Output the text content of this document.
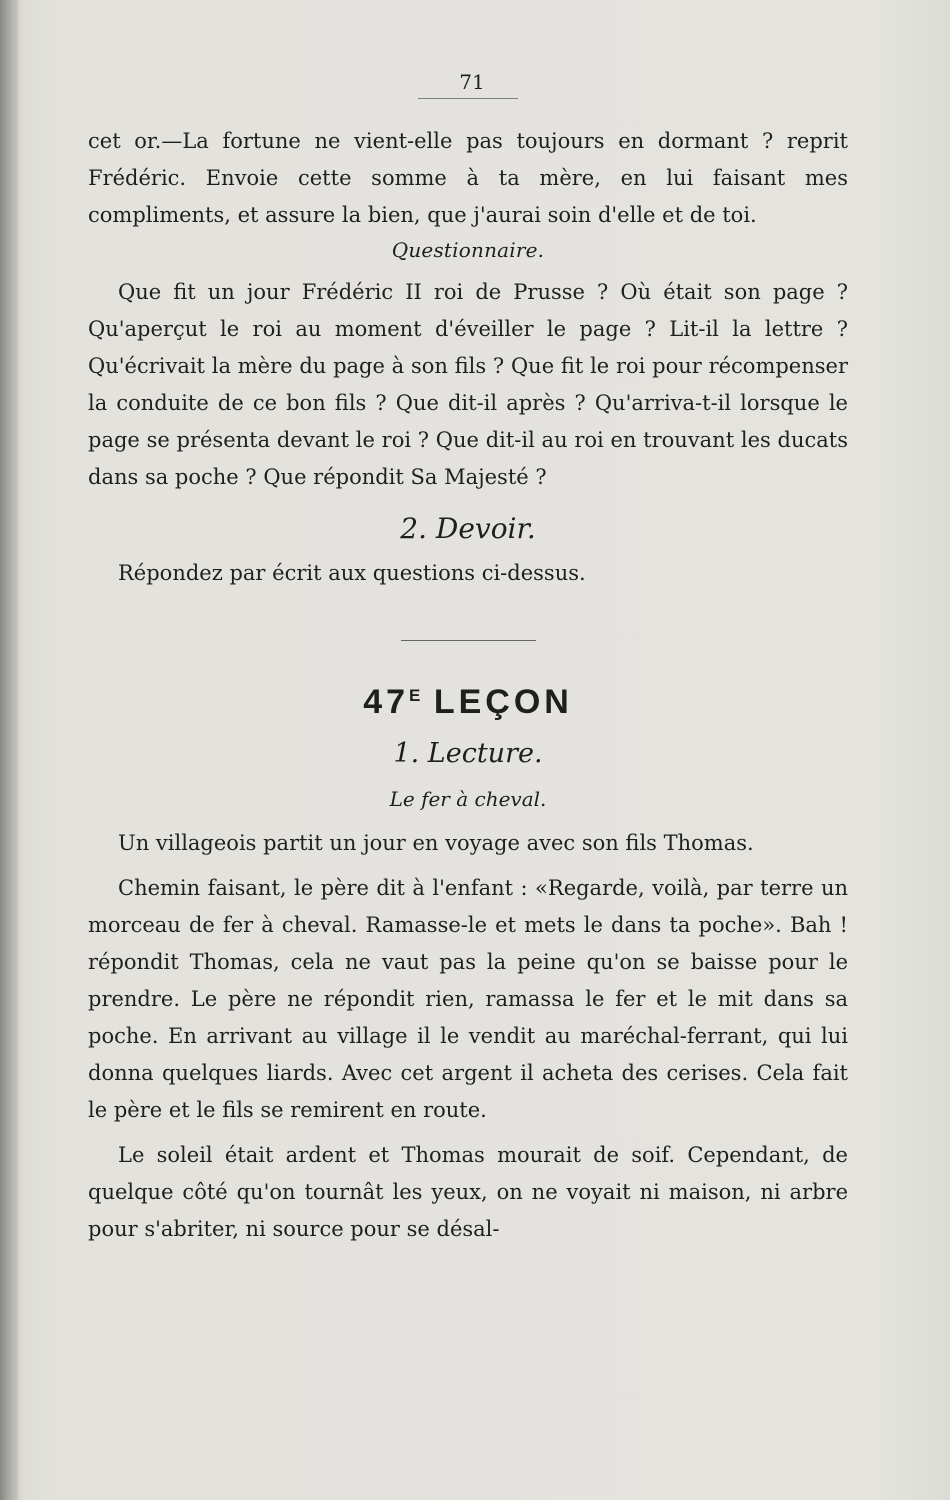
71

cet or.—La fortune ne vient-elle pas toujours en dormant ? reprit Frédéric. Envoie cette somme à ta mère, en lui faisant mes compliments, et assure la bien, que j'aurai soin d'elle et de toi.

Questionnaire.

Que fit un jour Frédéric II roi de Prusse ? Où était son page ? Qu'aperçut le roi au moment d'éveiller le page ? Lit-il la lettre ? Qu'écrivait la mère du page à son fils ? Que fit le roi pour récompenser la conduite de ce bon fils ? Que dit-il après ? Qu'arriva-t-il lorsque le page se présenta devant le roi ? Que dit-il au roi en trouvant les ducats dans sa poche ? Que répondit Sa Majesté ?

2. Devoir.

Répondez par écrit aux questions ci-dessus.

$47^E$ LEÇON
1. Lecture.
Le fer à cheval.

Un villageois partit un jour en voyage avec son fils Thomas.

Chemin faisant, le père dit à l'enfant : «Regarde, voilà, par terre un morceau de fer à cheval. Ramasse-le et mets le dans ta poche». Bah ! répondit Thomas, cela ne vaut pas la peine qu'on se baisse pour le prendre. Le père ne répondit rien, ramassa le fer et le mit dans sa poche. En arrivant au village il le vendit au maréchal-ferrant, qui lui donna quelques liards. Avec cet argent il acheta des cerises. Cela fait le père et le fils se remirent en route.

Le soleil était ardent et Thomas mourait de soif. Cependant, de quelque côté qu'on tournât les yeux, on ne voyait ni maison, ni arbre pour s'abriter, ni source pour se désal-
